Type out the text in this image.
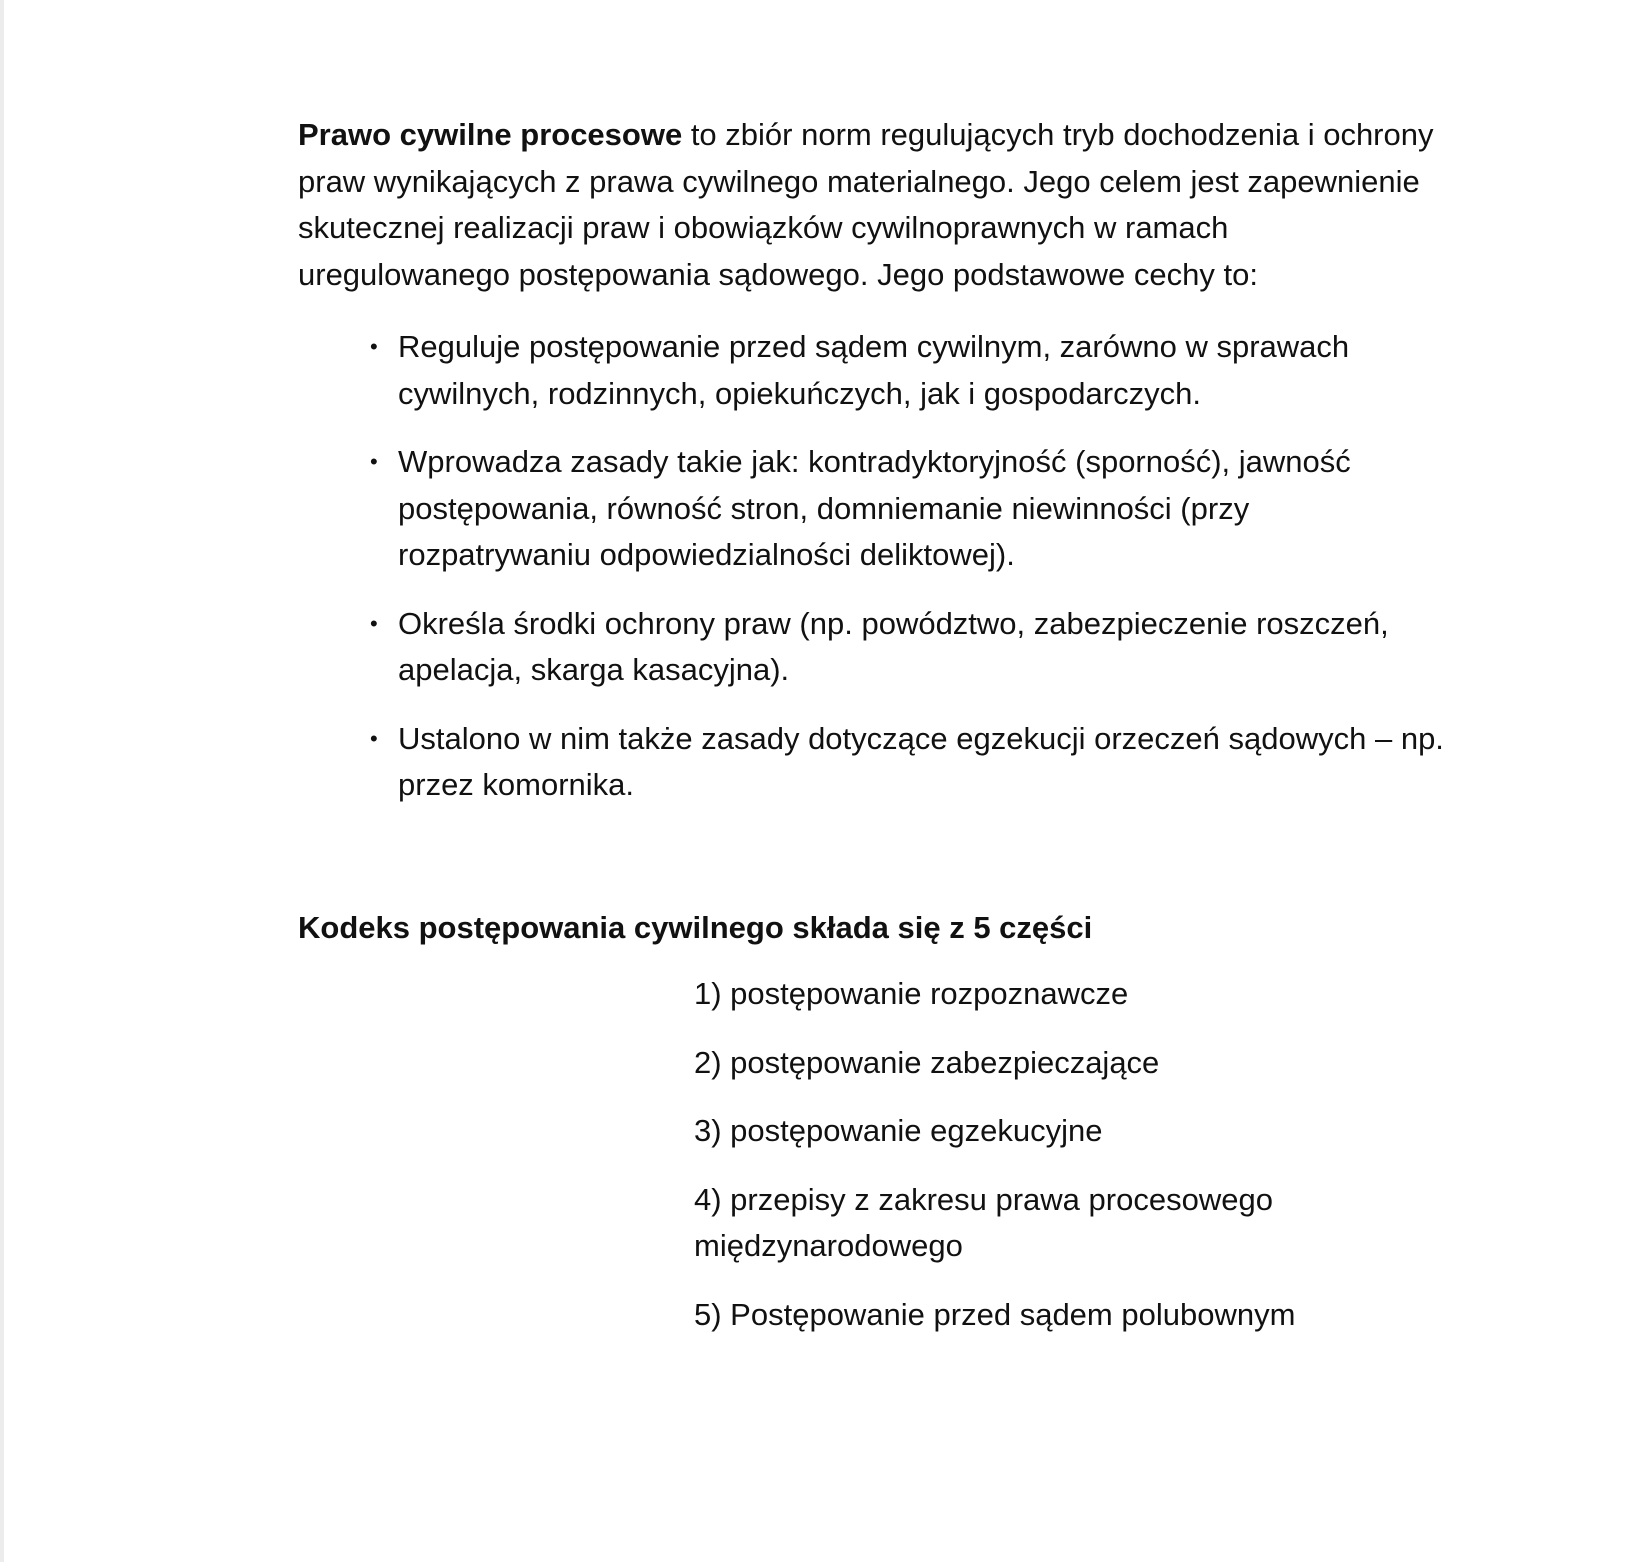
Prawo cywilne procesowe to zbiór norm regulujących tryb dochodzenia i ochrony praw wynikających z prawa cywilnego materialnego. Jego celem jest zapewnienie skutecznej realizacji praw i obowiązków cywilnoprawnych w ramach uregulowanego postępowania sądowego. Jego podstawowe cechy to:

• Reguluje postępowanie przed sądem cywilnym, zarówno w sprawach cywilnych, rodzinnych, opiekuńczych, jak i gospodarczych.
• Wprowadza zasady takie jak: kontradyktoryjność (sporność), jawność postępowania, równość stron, domniemanie niewinności (przy rozpatrywaniu odpowiedzialności deliktowej).
• Określa środki ochrony praw (np. powództwo, zabezpieczenie roszczeń, apelacja, skarga kasacyjna).
• Ustalono w nim także zasady dotyczące egzekucji orzeczeń sądowych – np. przez komornika.
Kodeks postępowania cywilnego składa się z 5 części
1) postępowanie rozpoznawcze
2) postępowanie zabezpieczające
3) postępowanie egzekucyjne
4) przepisy z zakresu prawa procesowego międzynarodowego
5) Postępowanie przed sądem polubownym
